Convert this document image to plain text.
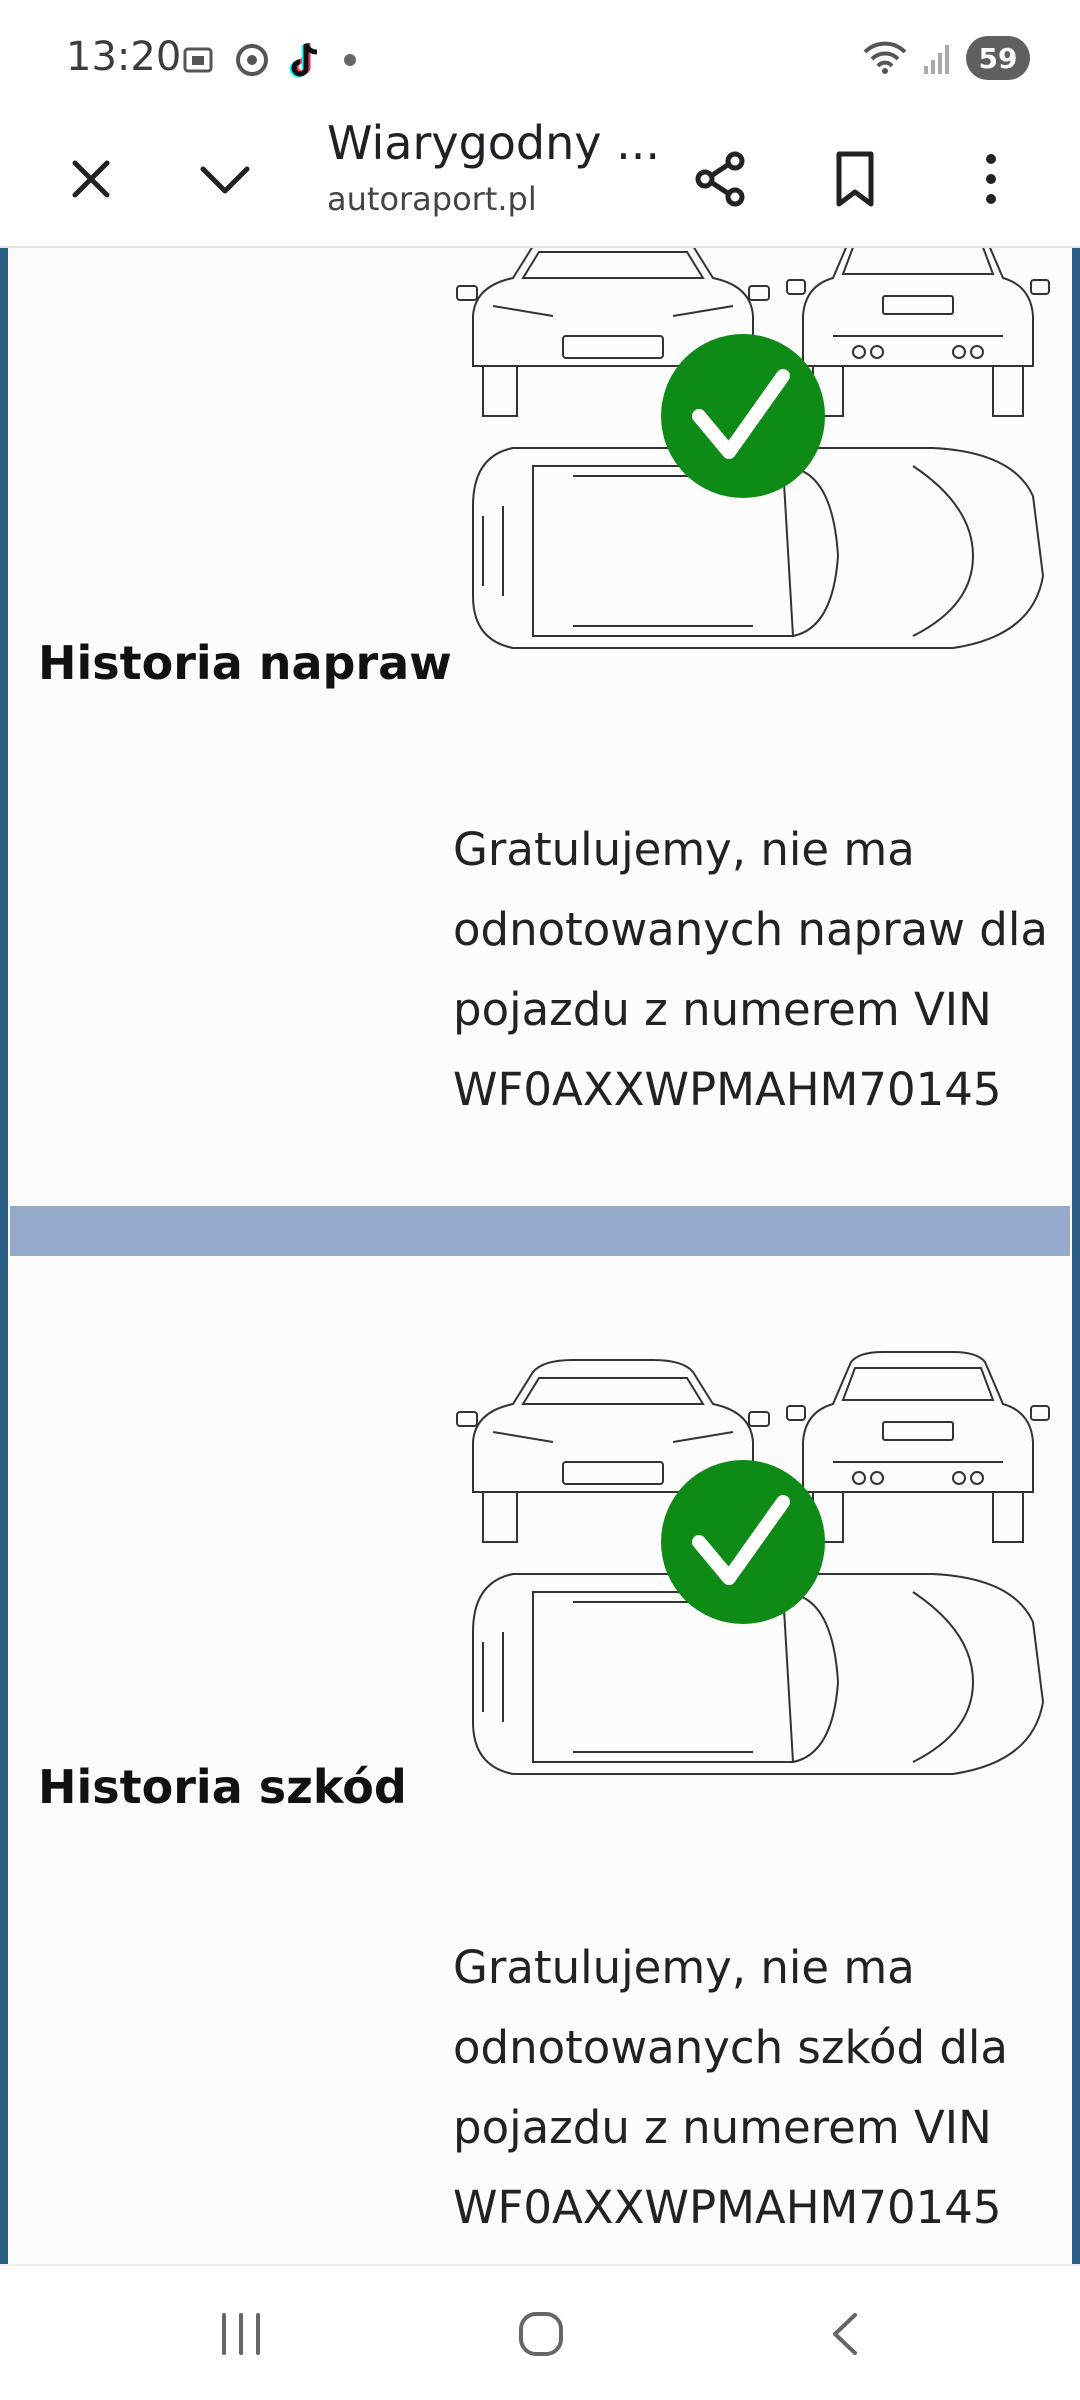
13:20	59
Wiarygodny ...
autoraport.pl
Historia napraw
Gratulujemy, nie ma
odnotowanych napraw dla
pojazdu z numerem VIN
WF0AXXWPMAHM70145
Historia szkód
Gratulujemy, nie ma
odnotowanych szkód dla
pojazdu z numerem VIN
WF0AXXWPMAHM70145
